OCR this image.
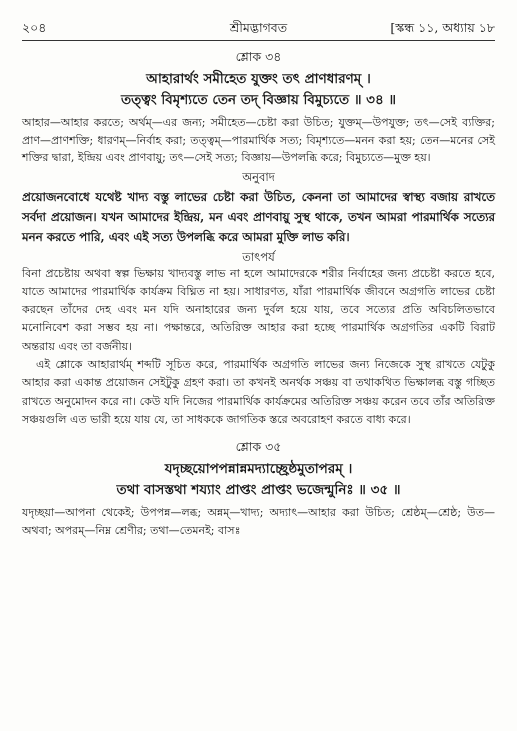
২০৪	শ্রীমদ্ভাগবত	[স্কন্ধ ১১, অধ্যায় ১৮
শ্লোক ৩৪
আহারার্থং সমীহেত যুক্তং তৎ প্রাণধারণম্ ।
তত্ত্বং বিমৃশ্যতে তেন তদ্ বিজ্ঞায় বিমুচ্যতে ॥ ৩৪ ॥
আহার—আহার করতে; অর্থম্—এর জন্য; সমীহেত—চেষ্টা করা উচিত; যুক্তম্—উপযুক্ত; তৎ—সেই ব্যক্তির; প্রাণ—প্রাণশক্তি; ধারণম্—নির্বাহ করা; তত্ত্বম্—পারমার্থিক সত্য; বিমৃশ্যতে—মনন করা হয়; তেন—মনের সেই শক্তির দ্বারা, ইন্দ্রিয় এবং প্রাণবায়ু; তৎ—সেই সত্য; বিজ্ঞায়—উপলব্ধি করে; বিমুচ্যতে—মুক্ত হয়।
অনুবাদ
প্রয়োজনবোধে যথেষ্ট খাদ্য বস্তু লাভের চেষ্টা করা উচিত, কেননা তা আমাদের স্বাস্থ্য বজায় রাখতে সর্বদা প্রয়োজন। যখন আমাদের ইন্দ্রিয়, মন এবং প্রাণবায়ু সুস্থ থাকে, তখন আমরা পারমার্থিক সত্যের মনন করতে পারি, এবং এই সত্য উপলব্ধি করে আমরা মুক্তি লাভ করি।
তাৎপর্য

বিনা প্রচেষ্টায় অথবা স্বল্প ভিক্ষায় খাদ্যবস্তু লাভ না হলে আমাদেরকে শরীর নির্বাহের জন্য প্রচেষ্টা করতে হবে, যাতে আমাদের পারমার্থিক কার্যক্রম বিঘ্নিত না হয়। সাধারণত, যাঁরা পারমার্থিক জীবনে অগ্রগতি লাভের চেষ্টা করছেন তাঁদের দেহ এবং মন যদি অনাহারের জন্য দুর্বল হয়ে যায়, তবে সত্যের প্রতি অবিচলিতভাবে মনোনিবেশ করা সম্ভব হয় না। পক্ষান্তরে, অতিরিক্ত আহার করা হচ্ছে পারমার্থিক অগ্রগতির একটি বিরাট অন্তরায় এবং তা বর্জনীয়।

এই শ্লোকে আহারার্থম্ শব্দটি সূচিত করে, পারমার্থিক অগ্রগতি লাভের জন্য নিজেকে সুস্থ রাখতে যেটুকু আহার করা একান্ত প্রয়োজন সেইটুকু গ্রহণ করা। তা কখনই অনর্থক সঞ্চয় বা তথাকথিত ভিক্ষালব্ধ বস্তু গচ্ছিত রাখতে অনুমোদন করে না। কেউ যদি নিজের পারমার্থিক কার্যক্রমের অতিরিক্ত সঞ্চয় করেন তবে তাঁর অতিরিক্ত সঞ্চয়গুলি এত ভারী হয়ে যায় যে, তা সাধককে জাগতিক স্তরে অবরোহণ করতে বাধ্য করে।

শ্লোক ৩৫
যদৃচ্ছয়োপপন্নান্নমদ্যাচ্ছ্রেষ্ঠমুতাপরম্ ।
তথা বাসস্তথা শয্যাং প্রাপ্তং প্রাপ্তং ভজেন্মুনিঃ ॥ ৩৫ ॥
যদৃচ্ছয়া—আপনা থেকেই; উপপন্ন—লব্ধ; অন্নম্—খাদ্য; অদ্যাৎ—আহার করা উচিত; শ্রেষ্ঠম্—শ্রেষ্ঠ; উত—অথবা; অপরম্—নিম্ন শ্রেণীর; তথা—তেমনই; বাসঃ
